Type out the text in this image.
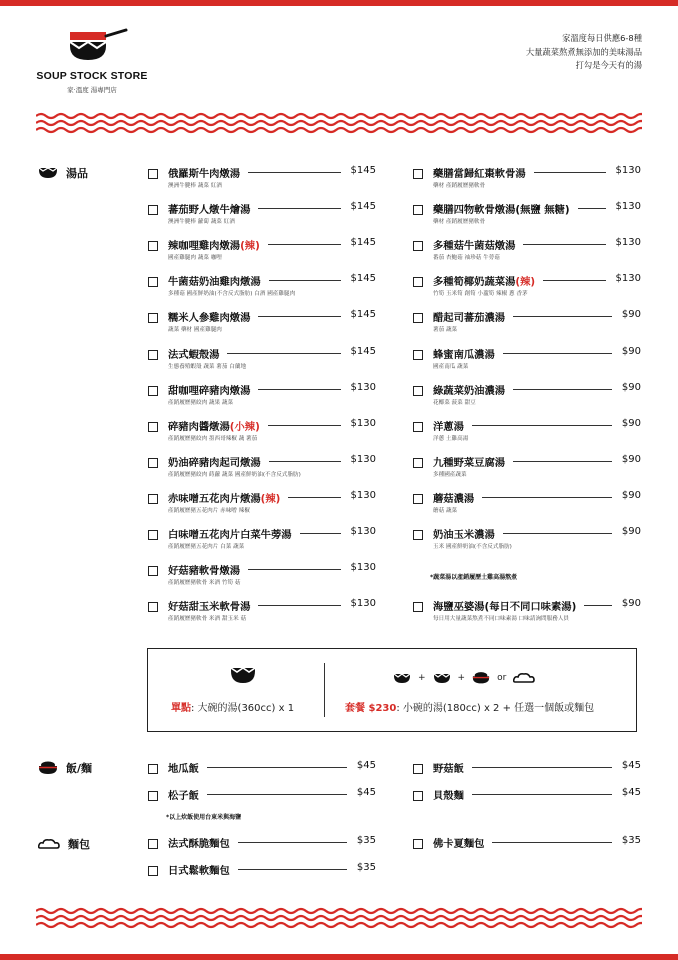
SOUP STOCK STORE
家·溫度 湯專門店
家溫度每日供應6-8種
大量蔬菜熬煮無添加的美味湯品
打勾是今天有的湯
湯品
飯/麵
麵包
俄羅斯牛肉燉湯	$145
澳洲牛腱棒 蔬菜 紅酒
蕃茄野人燉牛燴湯	$145
澳洲牛腱棒 蘿蔔 蔬菜 紅酒
辣咖哩雞肉燉湯(辣)	$145
國產雞腿肉 蔬菜 咖哩
牛菌菇奶油雞肉燉湯	$145
多種菇 國產鮮奶油(不含反式脂肪) 白酒 國產雞腿肉
糯米人參雞肉燉湯	$145
蔬菜 藥材 國產雞腿肉
法式蝦殼湯	$145
生態養殖蝦殼 蔬菜 薯茄 白蘭地
甜咖哩碎豬肉燉湯	$130
產銷履歷豬絞肉 蔬果 蔬菜
碎豬肉醬燉湯(小辣)	$130
產銷履歷豬絞肉 墨西哥辣椒 蔬 薯茄
奶油碎豬肉起司燉湯	$130
產銷履歷豬絞肉 蒔蘿 蔬菜 國產鮮奶油(不含反式脂肪)
赤味噌五花肉片燉湯(辣)	$130
產銷履歷豬五花肉片 赤味噌 辣椒
白味噌五花肉片白菜牛蒡湯	$130
產銷履歷豬五花肉片 白菜 蔬菜
好菇豬軟骨燉湯	$130
產銷履歷豬軟骨 米酒 竹筍 菇
好菇甜玉米軟骨湯	$130
產銷履歷豬軟骨 米酒 甜玉米 菇
藥膳當歸紅棗軟骨湯	$130
藥材 產銷履歷豬軟骨
藥膳四物軟骨燉湯(無鹽 無糖)	$130
藥材 產銷履歷豬軟骨
多種菇牛菌菇燉湯	$130
番茄 杏鮑菇 袖珍菇 牛蒡菇
多種筍椰奶蔬菜湯(辣)	$130
竹筍 玉米筍 創筍 小蘆筍 辣椒 蔥 香茅
醋起司蕃茄濃湯	$90
薯茄 蔬菜
蜂蜜南瓜濃湯	$90
國產南瓜 蔬菜
綠蔬菜奶油濃湯	$90
花椰菜 菠菜 甜豆
洋蔥湯	$90
洋蔥 土雞高湯
九種野菜豆腐湯	$90
多種國產蔬菜
蘑菇濃湯	$90
蘑菇 蔬菜
奶油玉米濃湯	$90
玉米 國產鮮奶油(不含反式脂肪)
海鹽巫婆湯(每日不同口味素湯)	$90
每日用大量蔬菜熬煮不同口味素湯 口味請詢問服務人員
地瓜飯	$45
松子飯	$45
野菇飯	$45
貝殼麵	$45
法式酥脆麵包	$35
日式鬆軟麵包	$35
佛卡夏麵包	$35
*蔬菜湯以產銷履歷土雞高湯熬煮
*以上炊飯使用台東米與海鹽
單點: 大碗的湯(360cc) x 1
+	+	or
套餐 $230: 小碗的湯(180cc) x 2 + 任選一個飯或麵包
